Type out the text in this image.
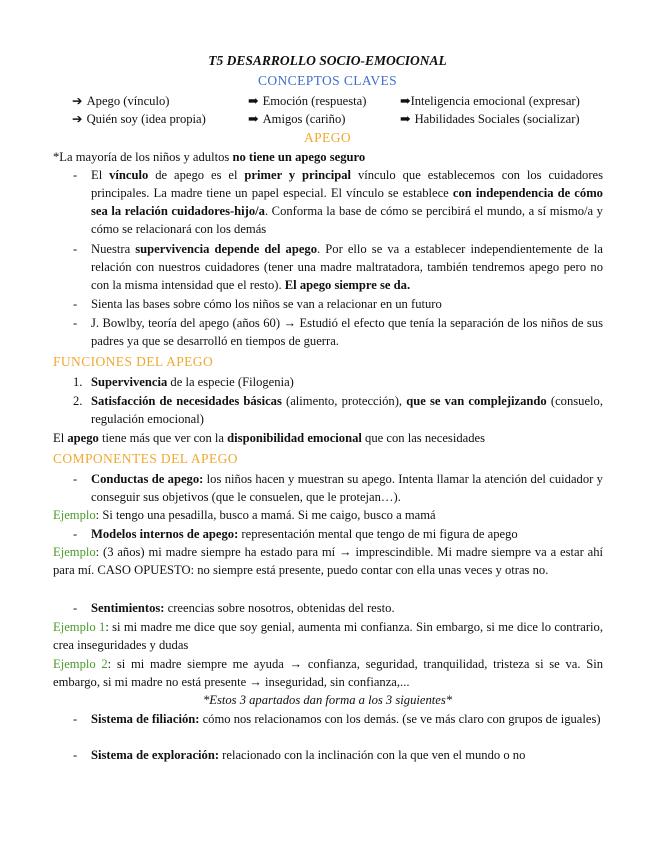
T5 DESARROLLO SOCIO-EMOCIONAL
CONCEPTOS CLAVES
➔ Apego (vínculo)	➡ Emoción (respuesta)	➡Inteligencia emocional (expresar)
➔ Quién soy (idea propia)	➡ Amigos (cariño)	➡ Habilidades Sociales (socializar)
APEGO
*La mayoría de los niños y adultos no tiene un apego seguro
- El vínculo de apego es el primer y principal vínculo que establecemos con los cuidadores principales. La madre tiene un papel especial. El vínculo se establece con independencia de cómo sea la relación cuidadores-hijo/a. Conforma la base de cómo se percibirá el mundo, a sí mismo/a y cómo se relacionará con los demás
- Nuestra supervivencia depende del apego. Por ello se va a establecer independientemente de la relación con nuestros cuidadores (tener una madre maltratadora, también tendremos apego pero no con la misma intensidad que el resto). El apego siempre se da.
- Sienta las bases sobre cómo los niños se van a relacionar en un futuro
- J. Bowlby, teoría del apego (años 60) → Estudió el efecto que tenía la separación de los niños de sus padres ya que se desarrolló en tiempos de guerra.
FUNCIONES DEL APEGO
1. Supervivencia de la especie (Filogenia)
2. Satisfacción de necesidades básicas (alimento, protección), que se van complejizando (consuelo, regulación emocional)
El apego tiene más que ver con la disponibilidad emocional que con las necesidades
COMPONENTES DEL APEGO
- Conductas de apego: los niños hacen y muestran su apego. Intenta llamar la atención del cuidador y conseguir sus objetivos (que le consuelen, que le protejan…).
Ejemplo: Si tengo una pesadilla, busco a mamá. Si me caigo, busco a mamá
- Modelos internos de apego: representación mental que tengo de mi figura de apego
Ejemplo: (3 años) mi madre siempre ha estado para mí → imprescindible. Mi madre siempre va a estar ahí para mí. CASO OPUESTO: no siempre está presente, puedo contar con ella unas veces y otras no.
- Sentimientos: creencias sobre nosotros, obtenidas del resto.
Ejemplo 1: si mi madre me dice que soy genial, aumenta mi confianza. Sin embargo, si me dice lo contrario, crea inseguridades y dudas
Ejemplo 2: si mi madre siempre me ayuda → confianza, seguridad, tranquilidad, tristeza si se va. Sin embargo, si mi madre no está presente → inseguridad, sin confianza,...
*Estos 3 apartados dan forma a los 3 siguientes*
- Sistema de filiación: cómo nos relacionamos con los demás. (se ve más claro con grupos de iguales)
- Sistema de exploración: relacionado con la inclinación con la que ven el mundo o no
